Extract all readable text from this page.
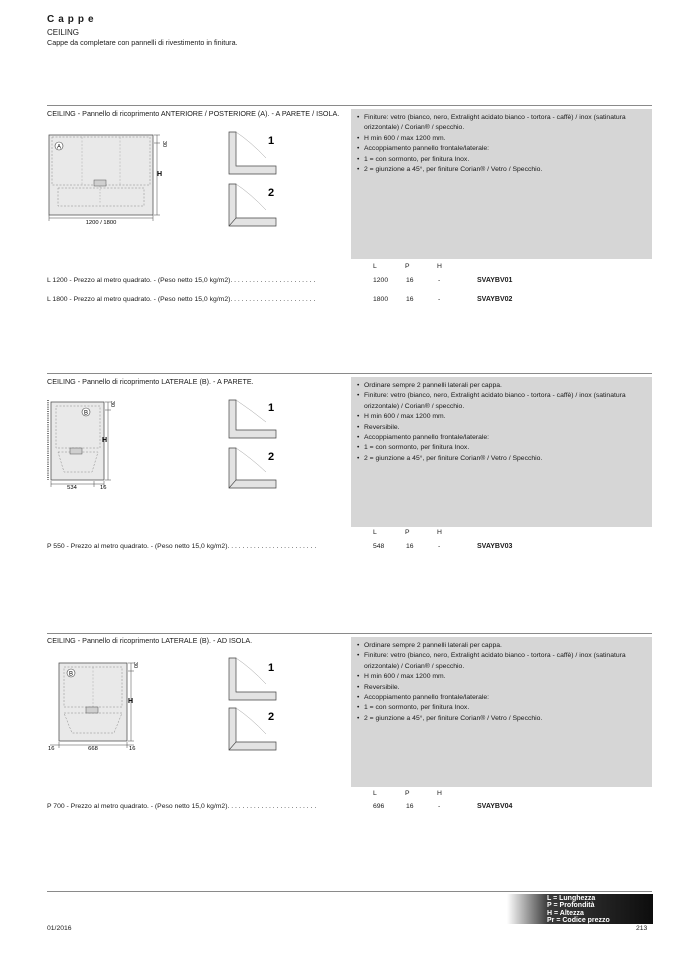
Cappe
CEILING
Cappe da completare con pannelli di rivestimento in finitura.
CEILING - Pannello di ricoprimento ANTERIORE / POSTERIORE (A). - A PARETE / ISOLA.
A
30
H
1200 / 1800
1
2
• Finiture: vetro (bianco, nero, Extralight acidato bianco - tortora - caffè) / inox (satinatura orizzontale) / Corian® / specchio.
• H min 600 / max 1200 mm.
• Accoppiamento pannello frontale/laterale:
• 1 = con sormonto, per finitura Inox.
• 2 = giunzione a 45°, per finiture Corian® / Vetro / Specchio.
L	P	H
L 1200 - Prezzo al metro quadrato. - (Peso netto 15,0 kg/m2). . . . . . . . . . . . . . . . . . . . . . .	1200	16	-	SVAYBV01
L 1800 - Prezzo al metro quadrato. - (Peso netto 15,0 kg/m2). . . . . . . . . . . . . . . . . . . . . . .	1800	16	-	SVAYBV02
CEILING - Pannello di ricoprimento LATERALE (B). - A PARETE.
B
30
H
534	16
1
2
• Ordinare sempre 2 pannelli laterali per cappa.
• Finiture: vetro (bianco, nero, Extralight acidato bianco - tortora - caffè) / inox (satinatura orizzontale) / Corian® / specchio.
• H min 600 / max 1200 mm.
• Reversibile.
• Accoppiamento pannello frontale/laterale:
• 1 = con sormonto, per finitura Inox.
• 2 = giunzione a 45°, per finiture Corian® / Vetro / Specchio.
L	P	H
P 550 - Prezzo al metro quadrato. - (Peso netto 15,0 kg/m2). . . . . . . . . . . . . . . . . . . . . . . .	548	16	-	SVAYBV03
CEILING - Pannello di ricoprimento LATERALE (B). - AD ISOLA.
B
30
H
16	668	16
1
2
• Ordinare sempre 2 pannelli laterali per cappa.
• Finiture: vetro (bianco, nero, Extralight acidato bianco - tortora - caffè) / inox (satinatura orizzontale) / Corian® / specchio.
• H min 600 / max 1200 mm.
• Reversibile.
• Accoppiamento pannello frontale/laterale:
• 1 = con sormonto, per finitura Inox.
• 2 = giunzione a 45°, per finiture Corian® / Vetro / Specchio.
L	P	H
P 700 - Prezzo al metro quadrato. - (Peso netto 15,0 kg/m2). . . . . . . . . . . . . . . . . . . . . . . .	696	16	-	SVAYBV04
L = Lunghezza
P = Profondità
H = Altezza
Pr = Codice prezzo
01/2016	213
